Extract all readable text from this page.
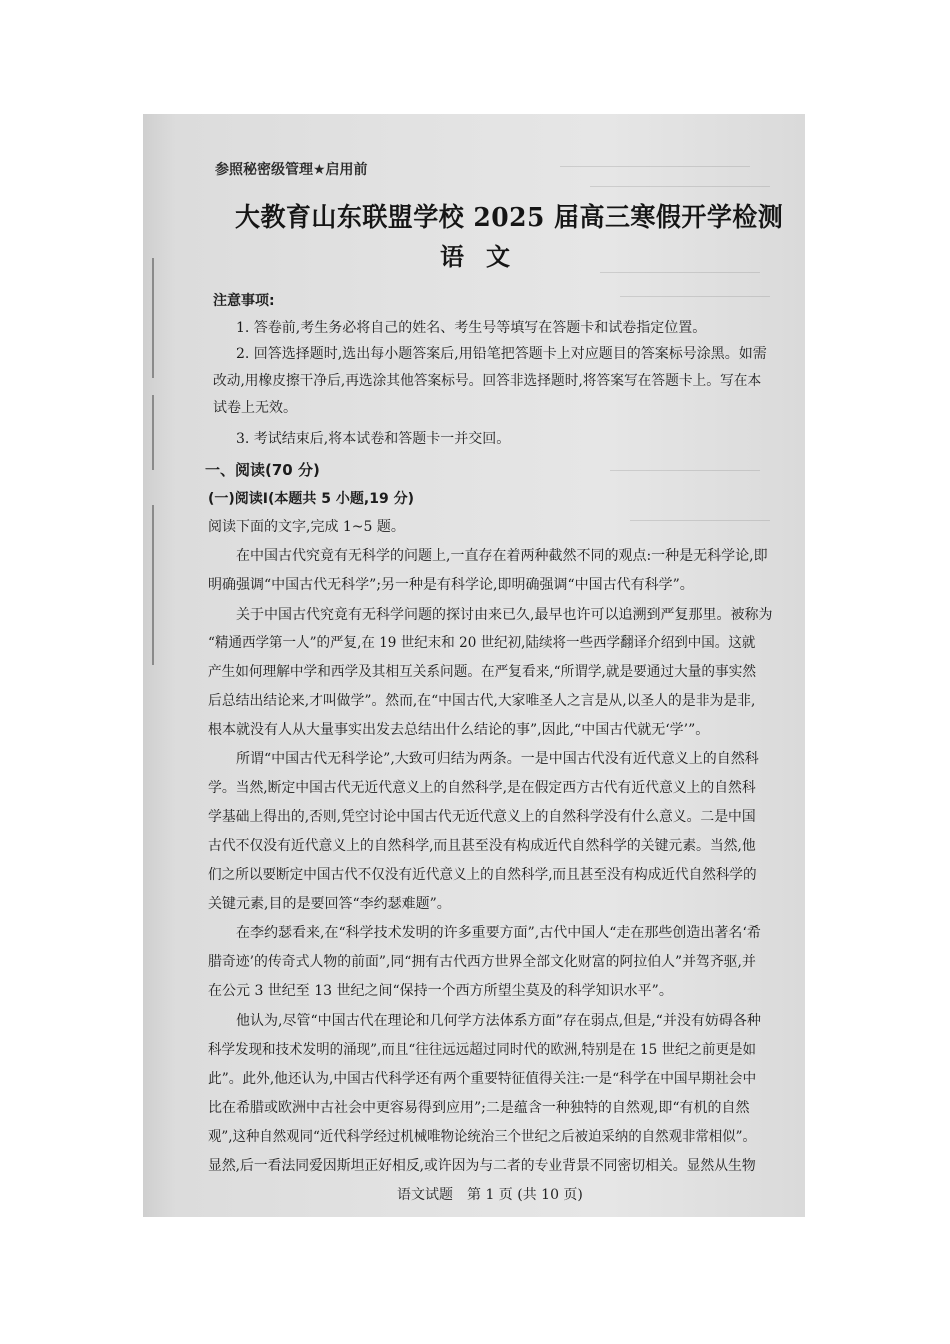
参照秘密级管理★启用前
大教育山东联盟学校 2025 届高三寒假开学检测
语文
注意事项:
1. 答卷前,考生务必将自己的姓名、考生号等填写在答题卡和试卷指定位置。
2. 回答选择题时,选出每小题答案后,用铅笔把答题卡上对应题目的答案标号涂黑。如需
改动,用橡皮擦干净后,再选涂其他答案标号。回答非选择题时,将答案写在答题卡上。写在本
试卷上无效。
3. 考试结束后,将本试卷和答题卡一并交回。
一、阅读(70 分)
(一)阅读Ⅰ(本题共 5 小题,19 分)
阅读下面的文字,完成 1~5 题。
在中国古代究竟有无科学的问题上,一直存在着两种截然不同的观点:一种是无科学论,即
明确强调“中国古代无科学”;另一种是有科学论,即明确强调“中国古代有科学”。
关于中国古代究竟有无科学问题的探讨由来已久,最早也许可以追溯到严复那里。被称为
“精通西学第一人”的严复,在 19 世纪末和 20 世纪初,陆续将一些西学翻译介绍到中国。这就
产生如何理解中学和西学及其相互关系问题。在严复看来,“所谓学,就是要通过大量的事实然
后总结出结论来,才叫做学”。然而,在“中国古代,大家唯圣人之言是从,以圣人的是非为是非,
根本就没有人从大量事实出发去总结出什么结论的事”,因此,“中国古代就无‘学’”。
所谓“中国古代无科学论”,大致可归结为两条。一是中国古代没有近代意义上的自然科
学。当然,断定中国古代无近代意义上的自然科学,是在假定西方古代有近代意义上的自然科
学基础上得出的,否则,凭空讨论中国古代无近代意义上的自然科学没有什么意义。二是中国
古代不仅没有近代意义上的自然科学,而且甚至没有构成近代自然科学的关键元素。当然,他
们之所以要断定中国古代不仅没有近代意义上的自然科学,而且甚至没有构成近代自然科学的
关键元素,目的是要回答“李约瑟难题”。
在李约瑟看来,在“科学技术发明的许多重要方面”,古代中国人“走在那些创造出著名‘希
腊奇迹’的传奇式人物的前面”,同“拥有古代西方世界全部文化财富的阿拉伯人”并驾齐驱,并
在公元 3 世纪至 13 世纪之间“保持一个西方所望尘莫及的科学知识水平”。
他认为,尽管“中国古代在理论和几何学方法体系方面”存在弱点,但是,“并没有妨碍各种
科学发现和技术发明的涌现”,而且“往往远远超过同时代的欧洲,特别是在 15 世纪之前更是如
此”。此外,他还认为,中国古代科学还有两个重要特征值得关注:一是“科学在中国早期社会中
比在希腊或欧洲中古社会中更容易得到应用”;二是蕴含一种独特的自然观,即“有机的自然
观”,这种自然观同“近代科学经过机械唯物论统治三个世纪之后被迫采纳的自然观非常相似”。
显然,后一看法同爱因斯坦正好相反,或许因为与二者的专业背景不同密切相关。显然从生物
语文试题　第 1 页 (共 10 页)
